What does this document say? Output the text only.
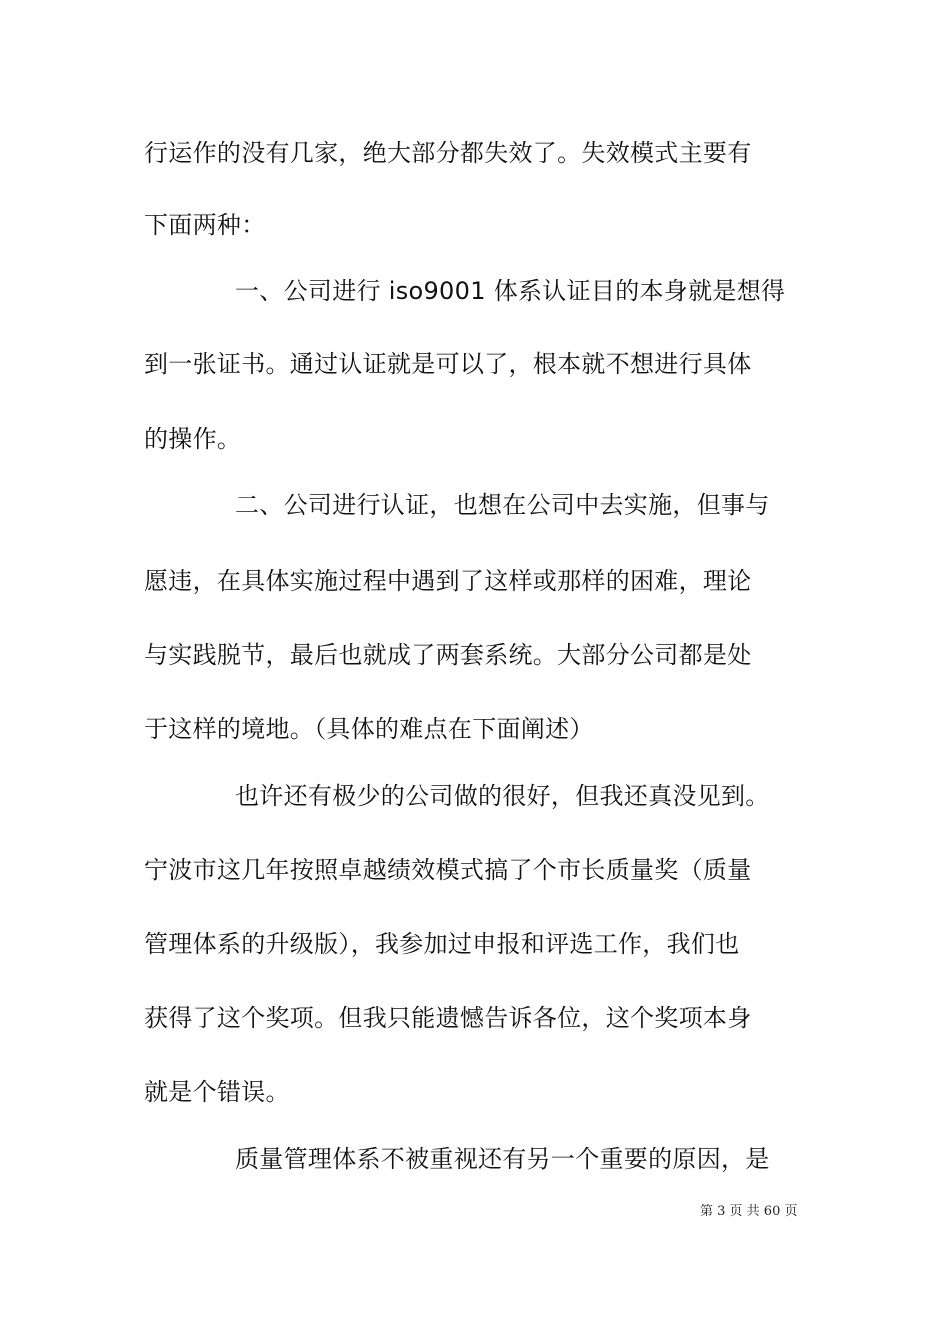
行运作的没有几家，绝大部分都失效了。失效模式主要有
下面两种：
一、公司进行 iso9001 体系认证目的本身就是想得
到一张证书。通过认证就是可以了，根本就不想进行具体
的操作。
二、公司进行认证，也想在公司中去实施，但事与
愿违，在具体实施过程中遇到了这样或那样的困难，理论
与实践脱节，最后也就成了两套系统。大部分公司都是处
于这样的境地。（具体的难点在下面阐述）
也许还有极少的公司做的很好，但我还真没见到。
宁波市这几年按照卓越绩效模式搞了个市长质量奖（质量
管理体系的升级版），我参加过申报和评选工作，我们也
获得了这个奖项。但我只能遗憾告诉各位，这个奖项本身
就是个错误。
质量管理体系不被重视还有另一个重要的原因，是
第 3 页 共 60 页
